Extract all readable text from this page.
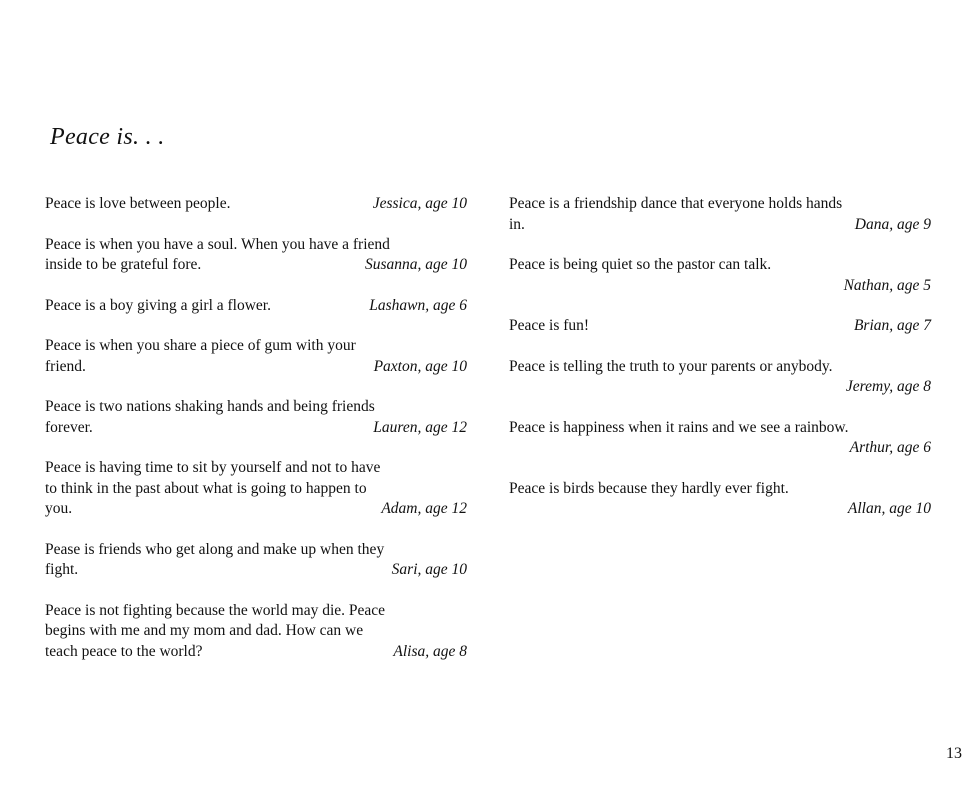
Peace is. . .
Peace is love between people.	Jessica, age 10
Peace is when you have a soul. When you have a friend
inside to be grateful fore.	Susanna, age 10
Peace is a boy giving a girl a flower.	Lashawn, age 6
Peace is when you share a piece of gum with your
friend.	Paxton, age 10
Peace is two nations shaking hands and being friends
forever.	Lauren, age 12
Peace is having time to sit by yourself and not to have
to think in the past about what is going to happen to
you.	Adam, age 12
Pease is friends who get along and make up when they
fight.	Sari, age 10
Peace is not fighting because the world may die. Peace
begins with me and my mom and dad. How can we
teach peace to the world?	Alisa, age 8
Peace is a friendship dance that everyone holds hands
in.	Dana, age 9
Peace is being quiet so the pastor can talk.
Nathan, age 5
Peace is fun!	Brian, age 7
Peace is telling the truth to your parents or anybody.
Jeremy, age 8
Peace is happiness when it rains and we see a rainbow.
Arthur, age 6
Peace is birds because they hardly ever fight.
Allan, age 10
13
